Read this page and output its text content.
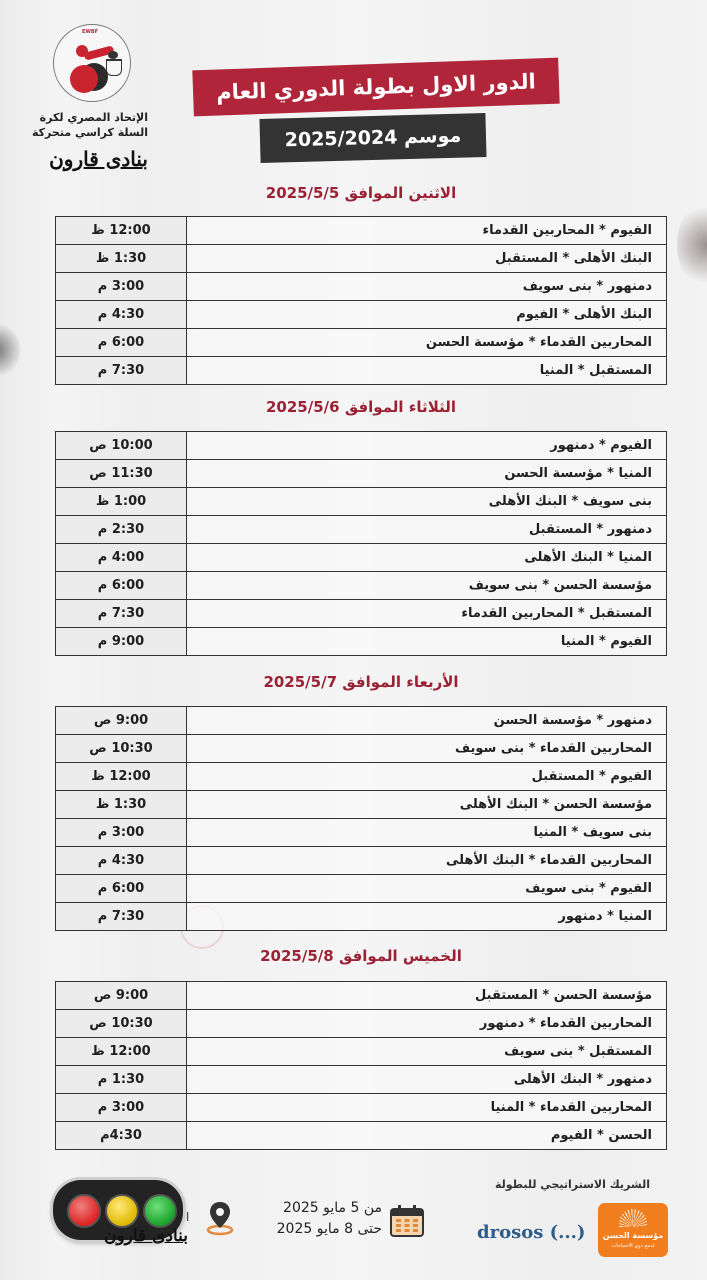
EWBF
الإتحاد المصري لكرة
السلة كراسي متحركة
بنادى قارون
الدور الاول بطولة الدوري العام
موسم 2025/2024
الاثنين الموافق 2025/5/5
12:00 ظ	الفيوم * المحاربين القدماء
1:30 ظ	البنك الأهلى * المستقبل
3:00 م	دمنهور * بنى سويف
4:30 م	البنك الأهلى * الفيوم
6:00 م	المحاربين القدماء * مؤسسة الحسن
7:30 م	المستقبل * المنيا
الثلاثاء الموافق 2025/5/6
10:00 ص	الفيوم * دمنهور
11:30 ص	المنيا * مؤسسة الحسن
1:00 ظ	بنى سويف * البنك الأهلى
2:30 م	دمنهور * المستقبل
4:00 م	المنيا * البنك الأهلى
6:00 م	مؤسسة الحسن * بنى سويف
7:30 م	المستقبل * المحاربين القدماء
9:00 م	الفيوم * المنيا
الأربعاء الموافق 2025/5/7
9:00 ص	دمنهور * مؤسسة الحسن
10:30 ص	المحاربين القدماء * بنى سويف
12:00 ظ	الفيوم * المستقبل
1:30 ظ	مؤسسة الحسن * البنك الأهلى
3:00 م	بنى سويف * المنيا
4:30 م	المحاربين القدماء * البنك الأهلى
6:00 م	الفيوم * بنى سويف
7:30 م	المنيا * دمنهور
الخميس الموافق 2025/5/8
9:00 ص	مؤسسة الحسن * المستقبل
10:30 ص	المحاربين القدماء * دمنهور
12:00 ظ	المستقبل * بنى سويف
1:30 م	دمنهور * البنك الأهلى
3:00 م	المحاربين القدماء * المنيا
4:30م	الحسن * الفيوم
الشريك الاستراتيجي للبطولة
drosos (...)	مؤسسة الحسن
لدمج ذوي الاحتياجات
من 5 مايو 2025
حتى 8 مايو 2025
ا
بنادى قارون
